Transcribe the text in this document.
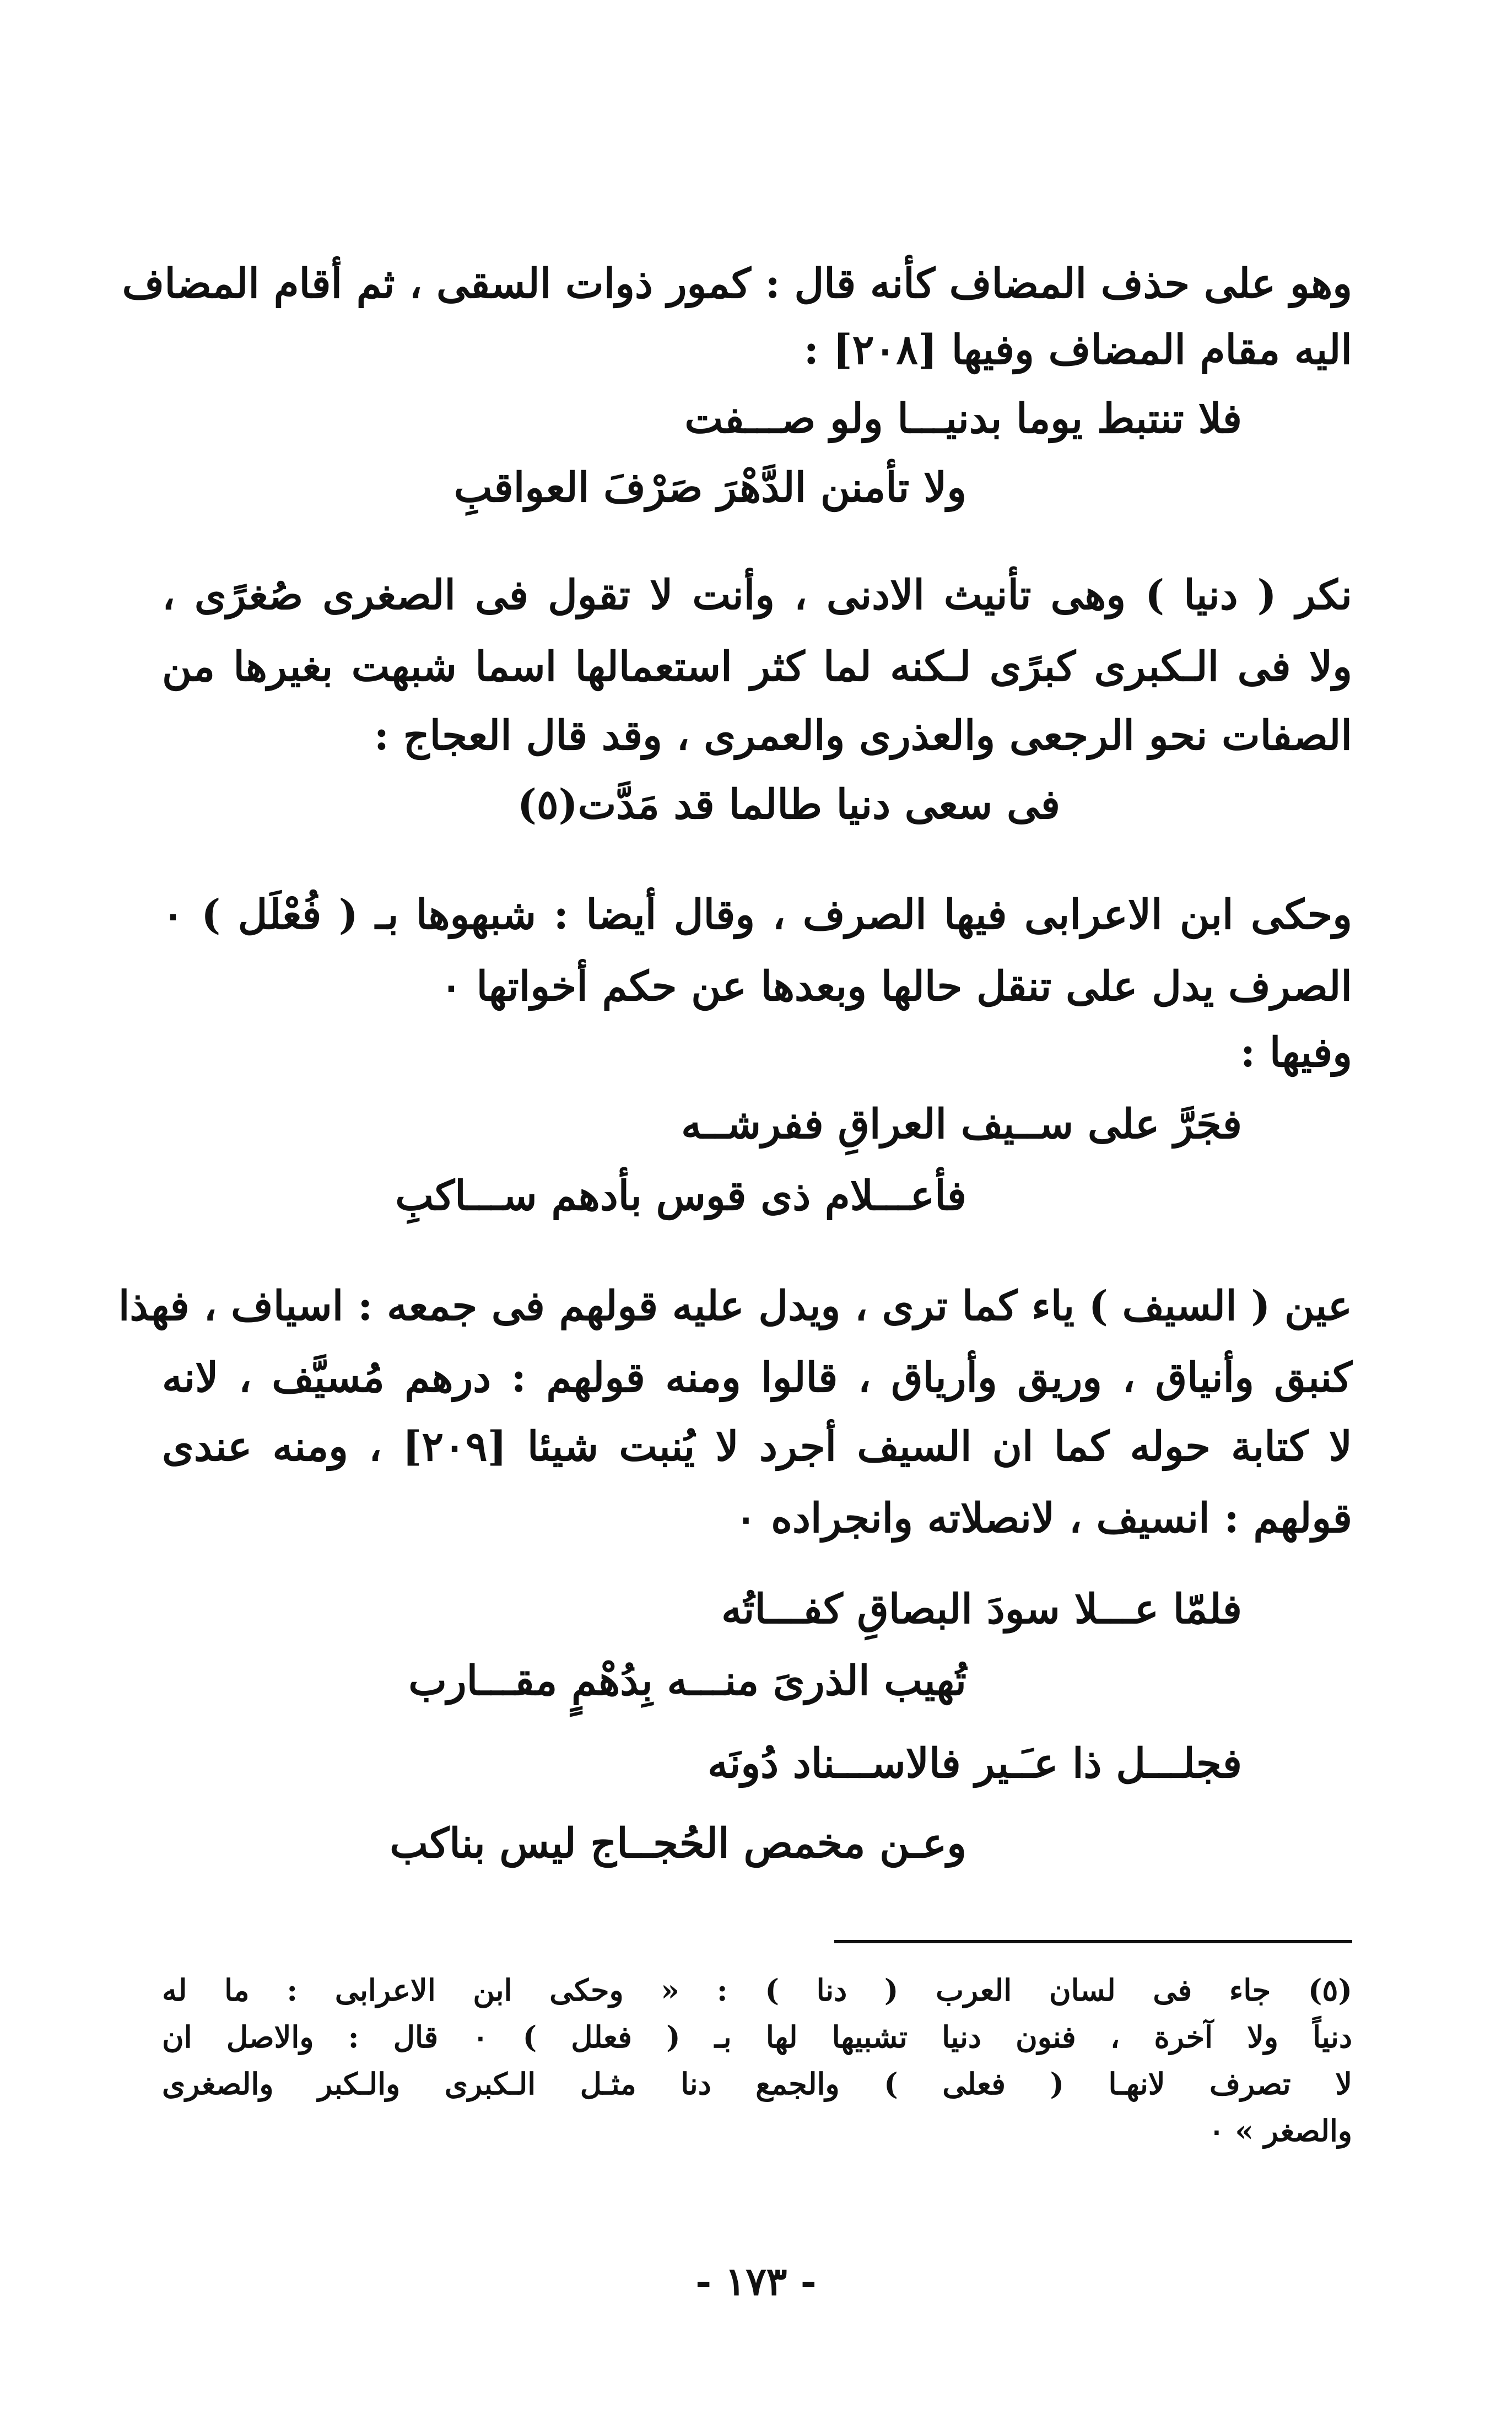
وهو على حذف المضاف كأنه قال : كمور ذوات السقى ، ثم أقام المضاف
اليه مقام المضاف وفيها [٢٠٨] :
فلا تنتبط يوما بدنيـــا ولو صـــفت
ولا تأمنن الدَّهْرَ صَرْفَ العواقبِ
نكر ( دنيا ) وهى تأنيث الادنى ، وأنت لا تقول فى الصغرى صُغرًى ،
ولا فى الـكبرى كبرًى لـكنه لما كثر استعمالها اسما شبهت بغيرها من
الصفات نحو الرجعى والعذرى والعمرى ، وقد قال العجاج :
فى سعى دنيا طالما قد مَدَّت(٥)
وحكى ابن الاعرابى فيها الصرف ، وقال أيضا : شبهوها بـ ( فُعْلَل ) ٠
الصرف يدل على تنقل حالها وبعدها عن حكم أخواتها ٠
وفيها :
فجَرَّ على ســيف العراقِ ففرشــه
فأعـــلام ذى قوس بأدهم ســـاكبِ
عين ( السيف ) ياء كما ترى ، ويدل عليه قولهم فى جمعه : اسياف ، فهذا
كنبق وأنياق ، وريق وأرياق ، قالوا ومنه قولهم : درهم مُسيَّف ، لانه
لا كتابة حوله كما ان السيف أجرد لا يُنبت شيئا [٢٠٩] ، ومنه عندى
قولهم : انسيف ، لانصلاته وانجراده ٠
فلمّا عـــلا سودَ البصاقِ كفـــاتُه
تُهيب الذرىَ منـــه بِدُهْمٍ مقـــارب
فجلـــل ذا عـَـير فالاســـناد دُونَه
وعـن مخمص الحُجــاج ليس بناكب
(٥) جاء فى لسان العرب ( دنا ) : « وحكى ابن الاعرابى : ما له
دنياً ولا آخرة ، فنون دنيا تشبيها لها بـ ( فعلل ) ٠ قال : والاصل ان
لا تصرف لانهـا ( فعلى ) والجمع دنا مثـل الـكبرى والـكبر والصغرى
والصغر » ٠
- ١٧٣ -
